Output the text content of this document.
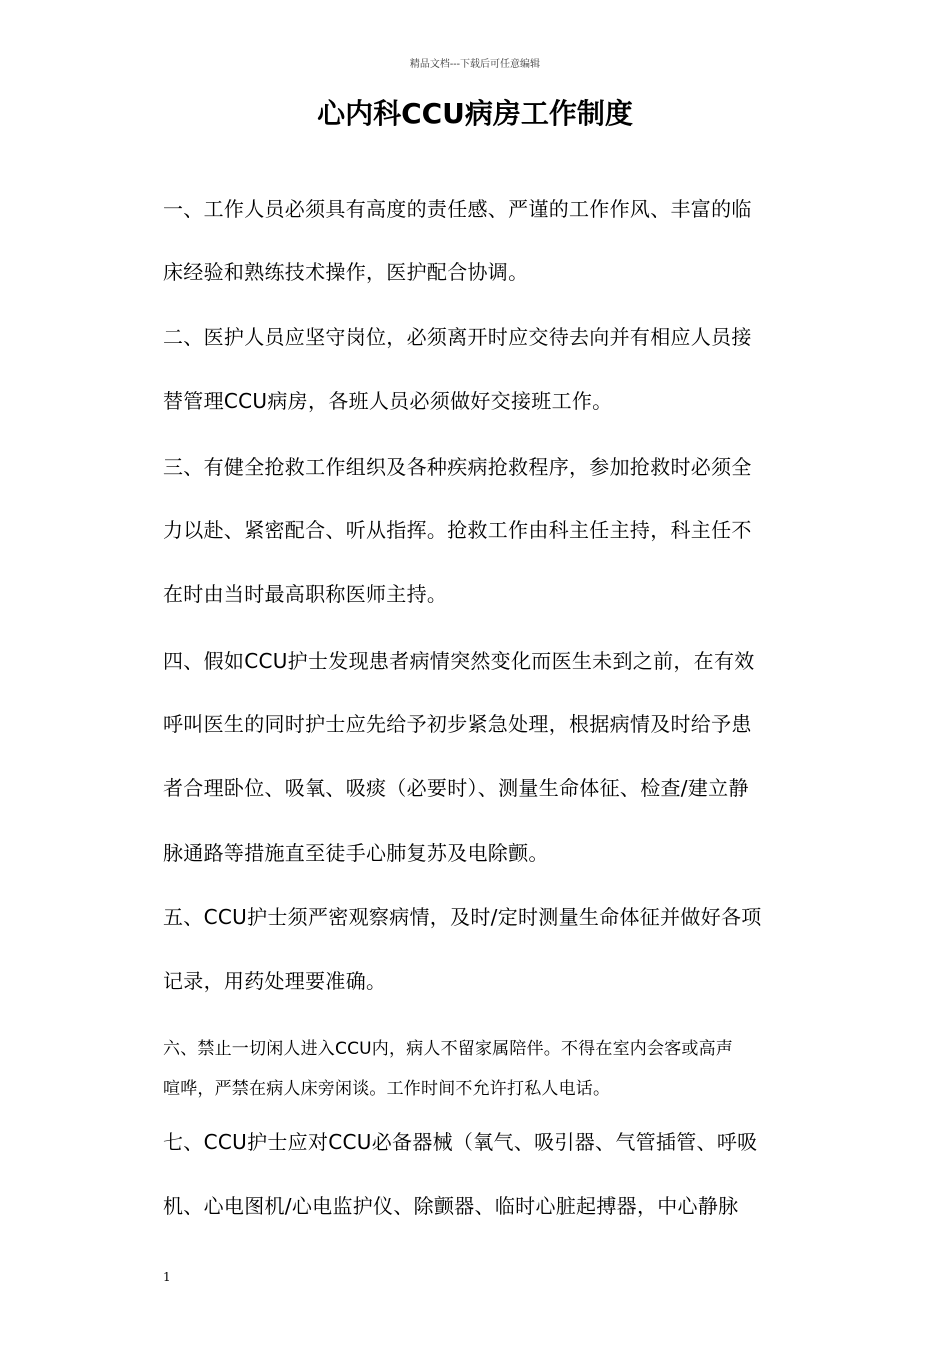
精品文档---下载后可任意编辑
心内科CCU病房工作制度
一、工作人员必须具有高度的责任感、严谨的工作作风、丰富的临
床经验和熟练技术操作，医护配合协调。
二、医护人员应坚守岗位，必须离开时应交待去向并有相应人员接
替管理CCU病房，各班人员必须做好交接班工作。
三、有健全抢救工作组织及各种疾病抢救程序，参加抢救时必须全
力以赴、紧密配合、听从指挥。抢救工作由科主任主持，科主任不
在时由当时最高职称医师主持。
四、假如CCU护士发现患者病情突然变化而医生未到之前，在有效
呼叫医生的同时护士应先给予初步紧急处理，根据病情及时给予患
者合理卧位、吸氧、吸痰（必要时）、测量生命体征、检查/建立静
脉通路等措施直至徒手心肺复苏及电除颤。
五、CCU护士须严密观察病情，及时/定时测量生命体征并做好各项
记录，用药处理要准确。
六、禁止一切闲人进入CCU内，病人不留家属陪伴。不得在室内会客或高声
喧哗，严禁在病人床旁闲谈。工作时间不允许打私人电话。
七、CCU护士应对CCU必备器械（氧气、吸引器、气管插管、呼吸
机、心电图机/心电监护仪、除颤器、临时心脏起搏器，中心静脉
1
